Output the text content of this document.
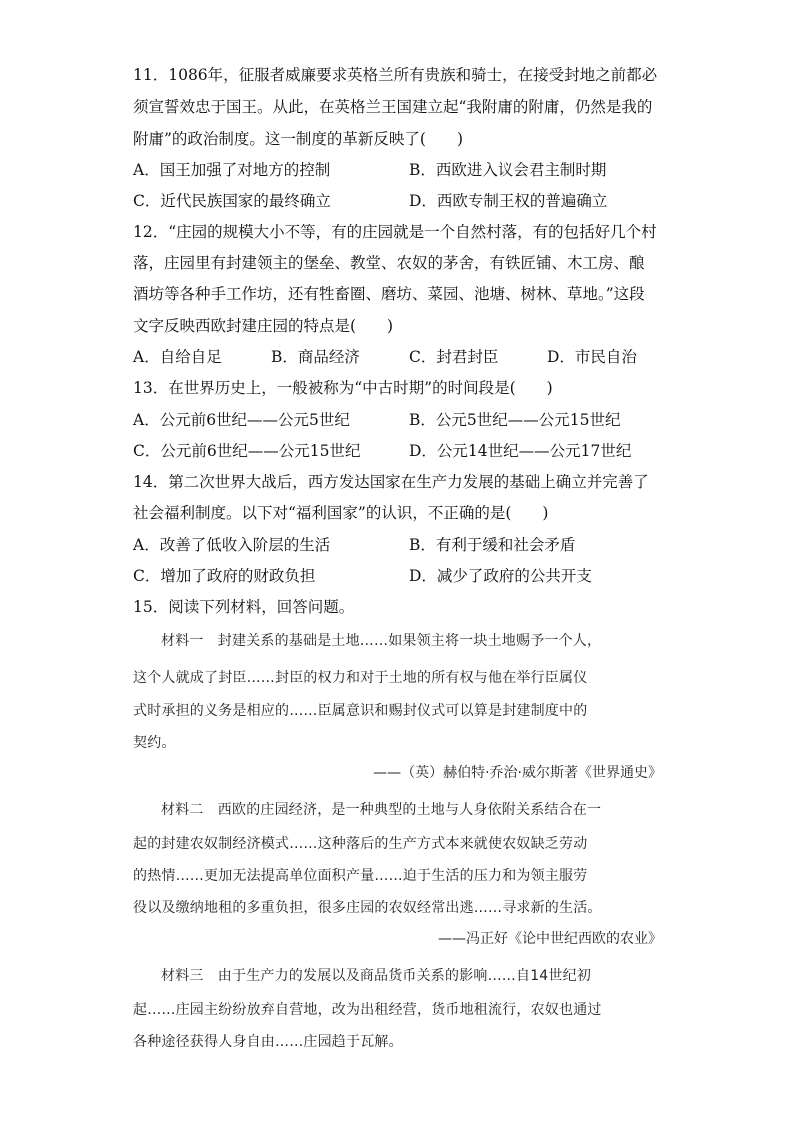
11．1086年，征服者威廉要求英格兰所有贵族和骑士，在接受封地之前都必
须宣誓效忠于国王。从此，在英格兰王国建立起“我附庸的附庸，仍然是我的
附庸”的政治制度。这一制度的革新反映了(　　)
A．国王加强了对地方的控制	B．西欧进入议会君主制时期
C．近代民族国家的最终确立	D．西欧专制王权的普遍确立
12．“庄园的规模大小不等，有的庄园就是一个自然村落，有的包括好几个村
落，庄园里有封建领主的堡垒、教堂、农奴的茅舍，有铁匠铺、木工房、酿
酒坊等各种手工作坊，还有牲畜圈、磨坊、菜园、池塘、树林、草地。”这段
文字反映西欧封建庄园的特点是(　　)
A．自给自足	B．商品经济	C．封君封臣	D．市民自治
13．在世界历史上，一般被称为“中古时期”的时间段是(　　)
A．公元前6世纪——公元5世纪	B．公元5世纪——公元15世纪
C．公元前6世纪——公元15世纪	D．公元14世纪——公元17世纪
14．第二次世界大战后，西方发达国家在生产力发展的基础上确立并完善了
社会福利制度。以下对“福利国家”的认识，不正确的是(　　)
A．改善了低收入阶层的生活	B．有利于缓和社会矛盾
C．增加了政府的财政负担	D．减少了政府的公共开支
15．阅读下列材料，回答问题。
材料一　封建关系的基础是土地……如果领主将一块土地赐予一个人，
这个人就成了封臣……封臣的权力和对于土地的所有权与他在举行臣属仪
式时承担的义务是相应的……臣属意识和赐封仪式可以算是封建制度中的
契约。
——（英）赫伯特·乔治·威尔斯著《世界通史》
材料二　西欧的庄园经济，是一种典型的土地与人身依附关系结合在一
起的封建农奴制经济模式……这种落后的生产方式本来就使农奴缺乏劳动
的热情……更加无法提高单位面积产量……迫于生活的压力和为领主服劳
役以及缴纳地租的多重负担，很多庄园的农奴经常出逃……寻求新的生活。
——冯正好《论中世纪西欧的农业》
材料三　由于生产力的发展以及商品货币关系的影响……自14世纪初
起……庄园主纷纷放弃自营地，改为出租经营，货币地租流行，农奴也通过
各种途径获得人身自由……庄园趋于瓦解。
